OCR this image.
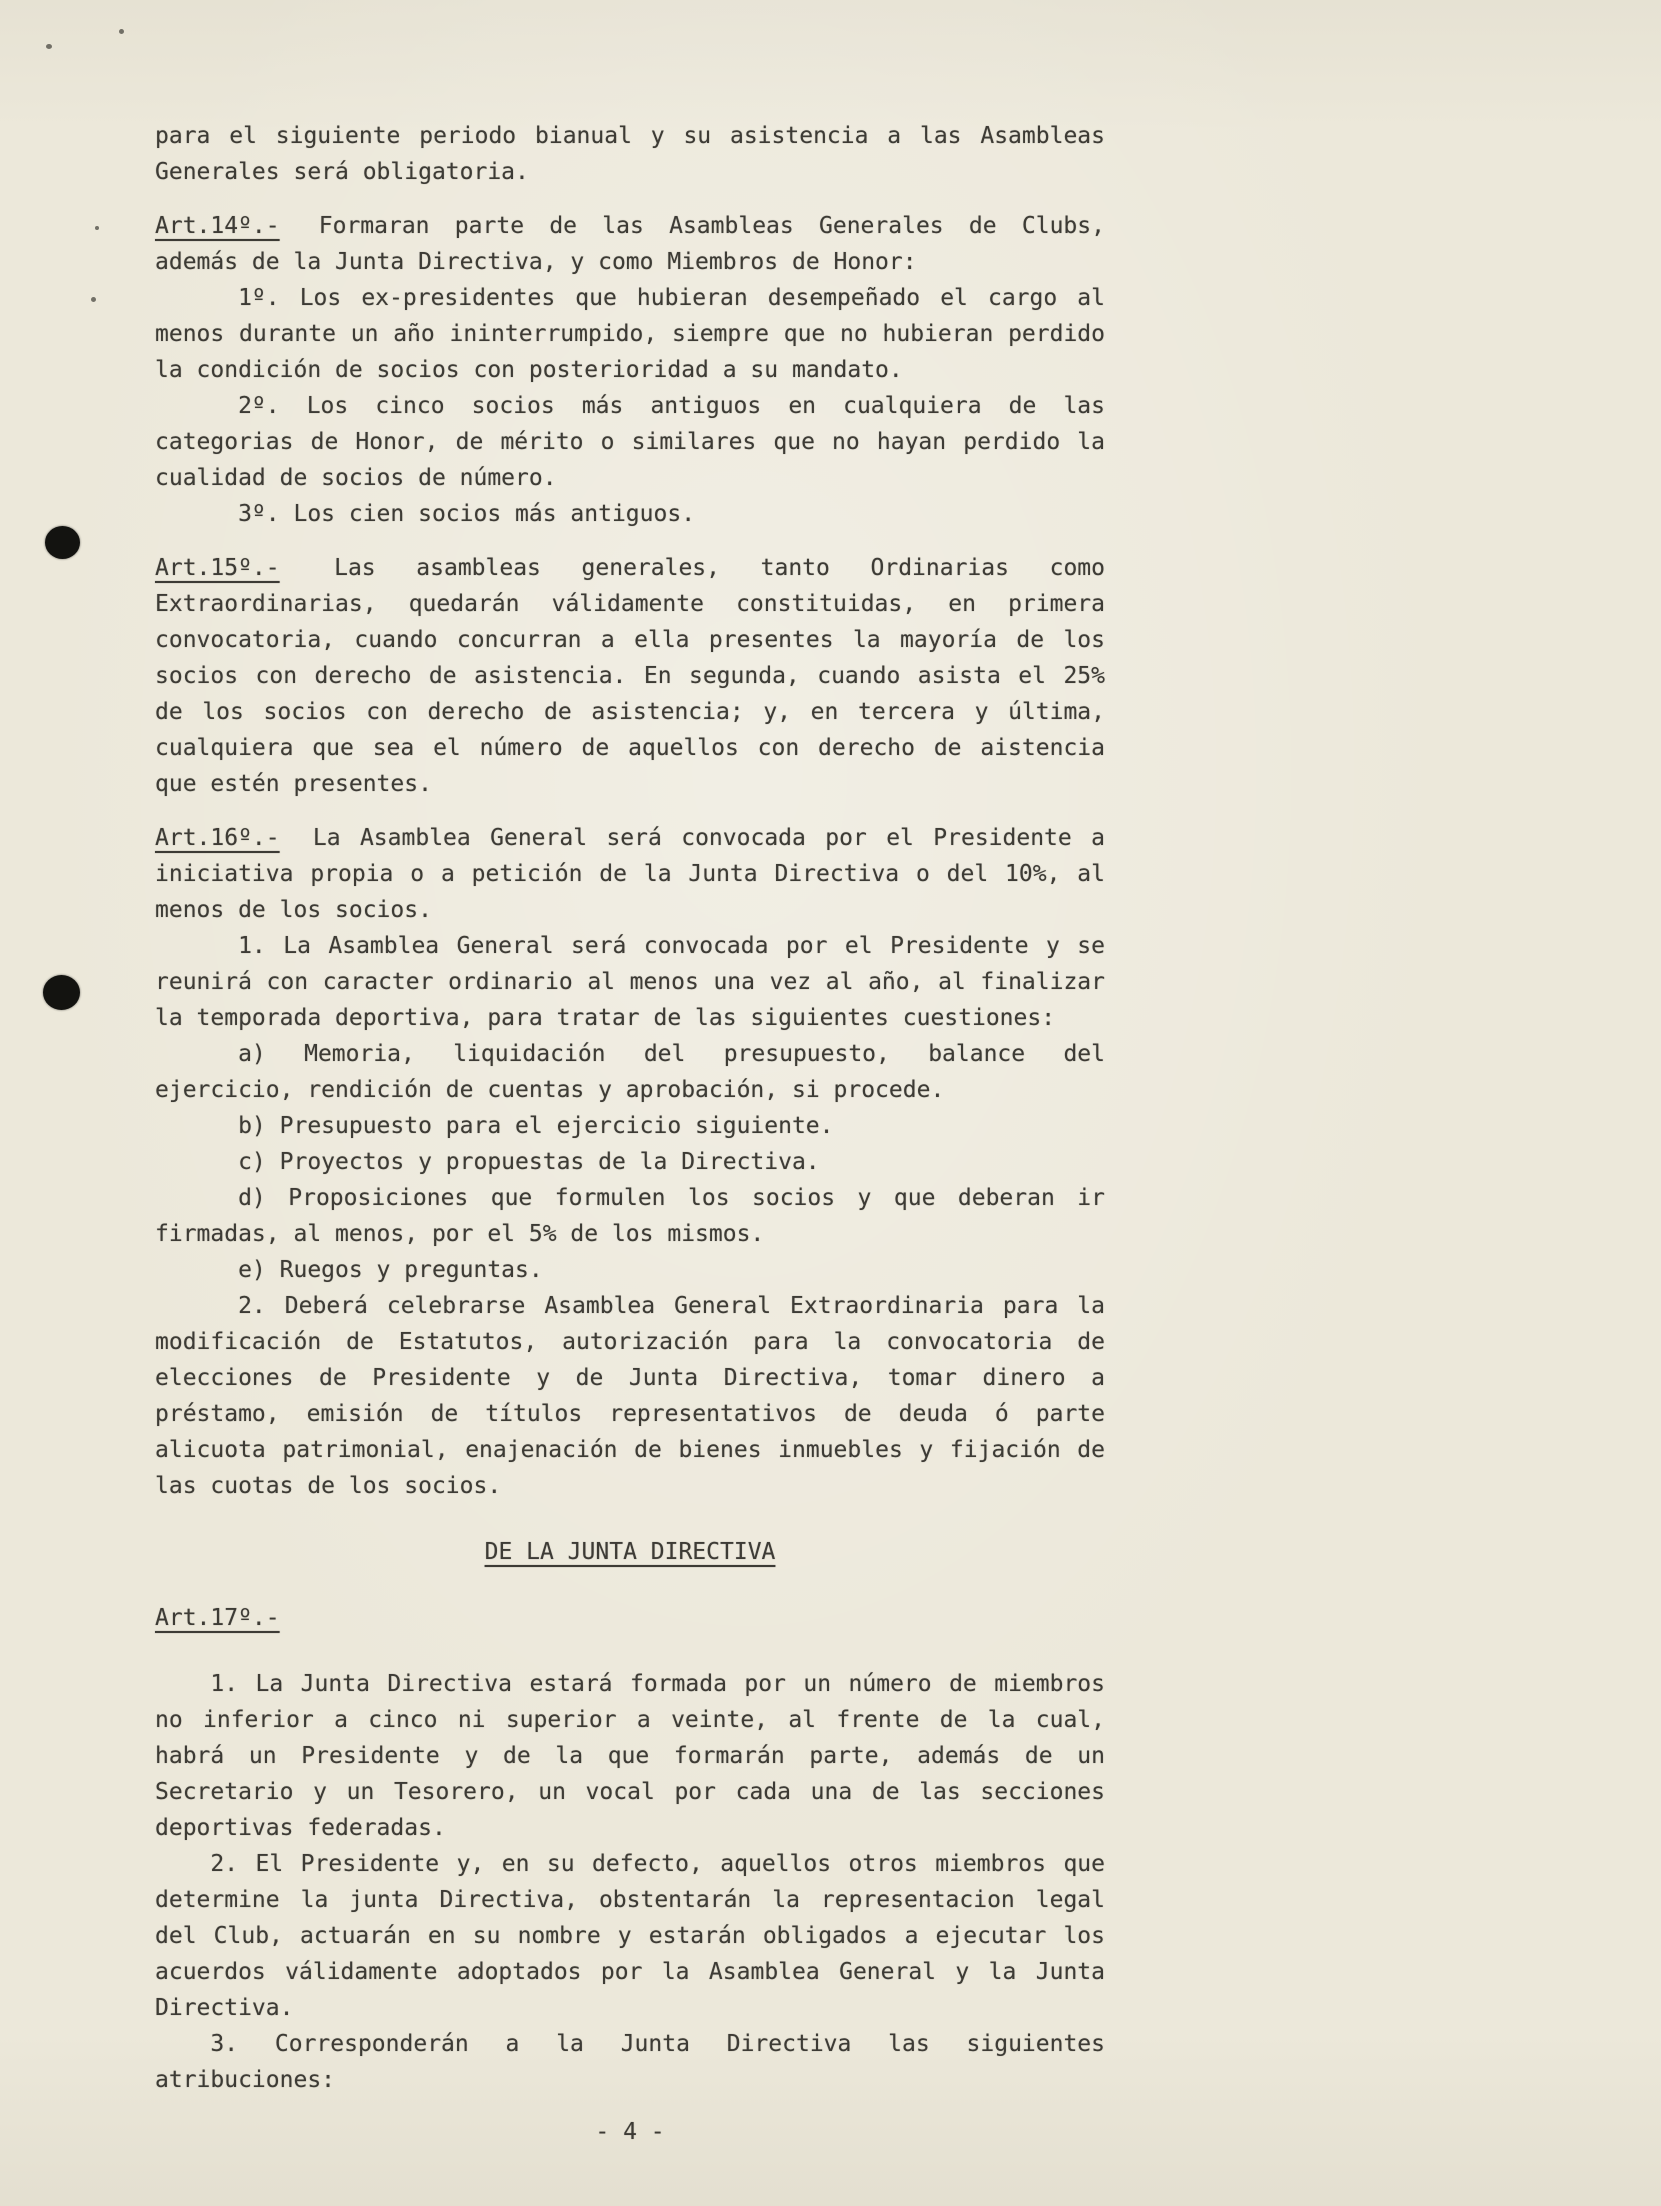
para el siguiente periodo bianual y su asistencia a las Asambleas Generales será obligatoria.

Art.14º.- Formaran parte de las Asambleas Generales de Clubs, además de la Junta Directiva, y como Miembros de Honor:

1º. Los ex-presidentes que hubieran desempeñado el cargo al menos durante un año ininterrumpido, siempre que no hubieran perdido la condición de socios con posterioridad a su mandato.

2º. Los cinco socios más antiguos en cualquiera de las categorias de Honor, de mérito o similares que no hayan perdido la cualidad de socios de número.

3º. Los cien socios más antiguos.

Art.15º.- Las asambleas generales, tanto Ordinarias como Extraordinarias, quedarán válidamente constituidas, en primera convocatoria, cuando concurran a ella presentes la mayoría de los socios con derecho de asistencia. En segunda, cuando asista el 25% de los socios con derecho de asistencia; y, en tercera y última, cualquiera que sea el número de aquellos con derecho de aistencia que estén presentes.

Art.16º.- La Asamblea General será convocada por el Presidente a iniciativa propia o a petición de la Junta Directiva o del 10%, al menos de los socios.

1. La Asamblea General será convocada por el Presidente y se reunirá con caracter ordinario al menos una vez al año, al finalizar la temporada deportiva, para tratar de las siguientes cuestiones:

a) Memoria, liquidación del presupuesto, balance del ejercicio, rendición de cuentas y aprobación, si procede.

b) Presupuesto para el ejercicio siguiente.

c) Proyectos y propuestas de la Directiva.

d) Proposiciones que formulen los socios y que deberan ir firmadas, al menos, por el 5% de los mismos.

e) Ruegos y preguntas.

2. Deberá celebrarse Asamblea General Extraordinaria para la modificación de Estatutos, autorización para la convocatoria de elecciones de Presidente y de Junta Directiva, tomar dinero a préstamo, emisión de títulos representativos de deuda ó parte alicuota patrimonial, enajenación de bienes inmuebles y fijación de las cuotas de los socios.

DE LA JUNTA DIRECTIVA

Art.17º.-

1. La Junta Directiva estará formada por un número de miembros no inferior a cinco ni superior a veinte, al frente de la cual, habrá un Presidente y de la que formarán parte, además de un Secretario y un Tesorero, un vocal por cada una de las secciones deportivas federadas.

2. El Presidente y, en su defecto, aquellos otros miembros que determine la junta Directiva, obstentarán la representacion legal del Club, actuarán en su nombre y estarán obligados a ejecutar los acuerdos válidamente adoptados por la Asamblea General y la Junta Directiva.

3. Corresponderán a la Junta Directiva las siguientes atribuciones:

- 4 -
